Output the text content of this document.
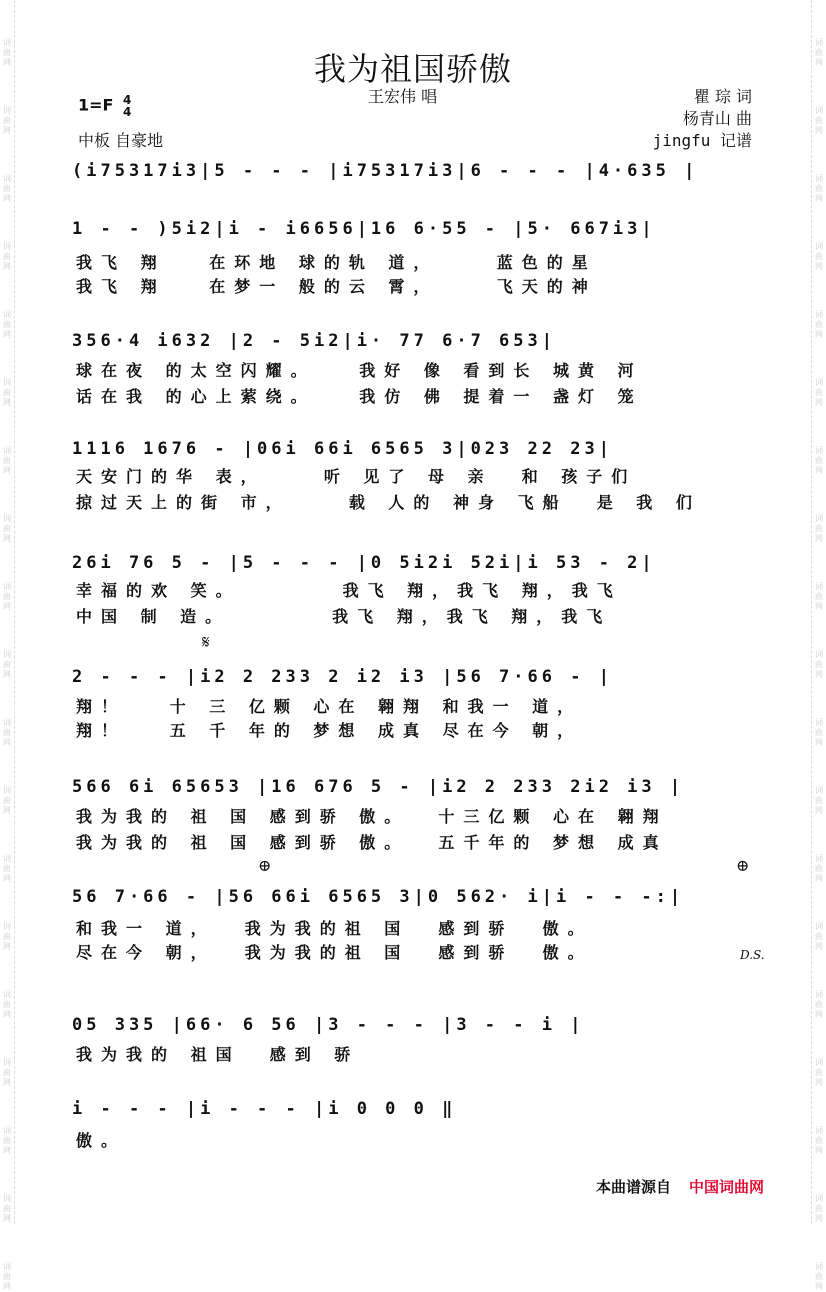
词
曲
网
词
曲
网
词
曲
网
词
曲
网
词
曲
网
词
曲
网
词
曲
网
词
曲
网
词
曲
网
词
曲
网
词
曲
网
词
曲
网
词
曲
网
词
曲
网
词
曲
网
词
曲
网
词
曲
网
词
曲
网
词
曲
网
词
曲
网
词
曲
网
词
曲
网
词
曲
网
词
曲
网
词
曲
网
词
曲
网
词
曲
网
词
曲
网
词
曲
网
词
曲
网
词
曲
网
词
曲
网
词
曲
网
词
曲
网
词
曲
网
词
曲
网
词
曲
网
词
曲
网
我为祖国骄傲
王宏伟 唱
1=F 4
4
中板 自豪地
瞿 琮 词
杨青山 曲
jingfu 记谱
(i75317i3|5 - - - |i75317i3|6 - - - |4·635 |
1 - - )5i2|i - i6656|16 6·55 - |5· 667i3|
我飞 翔   在环地 球的轨 道，    蓝色的星
我飞 翔   在梦一 般的云 霄，    飞天的神
356·4 i632 |2 - 5i2|i· 77 6·7 653|
球在夜 的太空闪耀。   我好 像 看到长 城黄 河
话在我 的心上萦绕。   我仿 佛 提着一 盏灯 笼
1116 1676 - |06i 66i 6565 3|023 22 23|
天安门的华 表，    听 见了 母 亲  和 孩子们
掠过天上的街 市，    载 人的 神身 飞船  是 我 们
26i 76 5 - |5 - - - |0 5i2i 52i|i 53 - 2|
幸福的欢 笑。       我飞 翔，我飞 翔，我飞
中国 制 造。       我飞 翔，我飞 翔，我飞
2 - - - |i2 2 233 2 i2 i3 |56 7·66 - |
翔！   十 三 亿颗 心在 翱翔 和我一 道，
翔！   五 千 年的 梦想 成真 尽在今 朝，
566 6i 65653 |16 676 5 - |i2 2 233 2i2 i3 |
我为我的 祖 国 感到骄 傲。  十三亿颗 心在 翱翔
我为我的 祖 国 感到骄 傲。  五千年的 梦想 成真
56 7·66 - |56 66i 6565 3|0 562· i|i - - -:|
和我一 道，  我为我的祖 国  感到骄  傲。
尽在今 朝，  我为我的祖 国  感到骄  傲。
05 335 |66· 6 56 |3 - - - |3 - - i |
我为我的 祖国  感到 骄
i - - - |i - - - |i 0 0 0 ‖
傲。
𝄋
⊕	⊕
D.S.
本曲谱源自 中国词曲网
